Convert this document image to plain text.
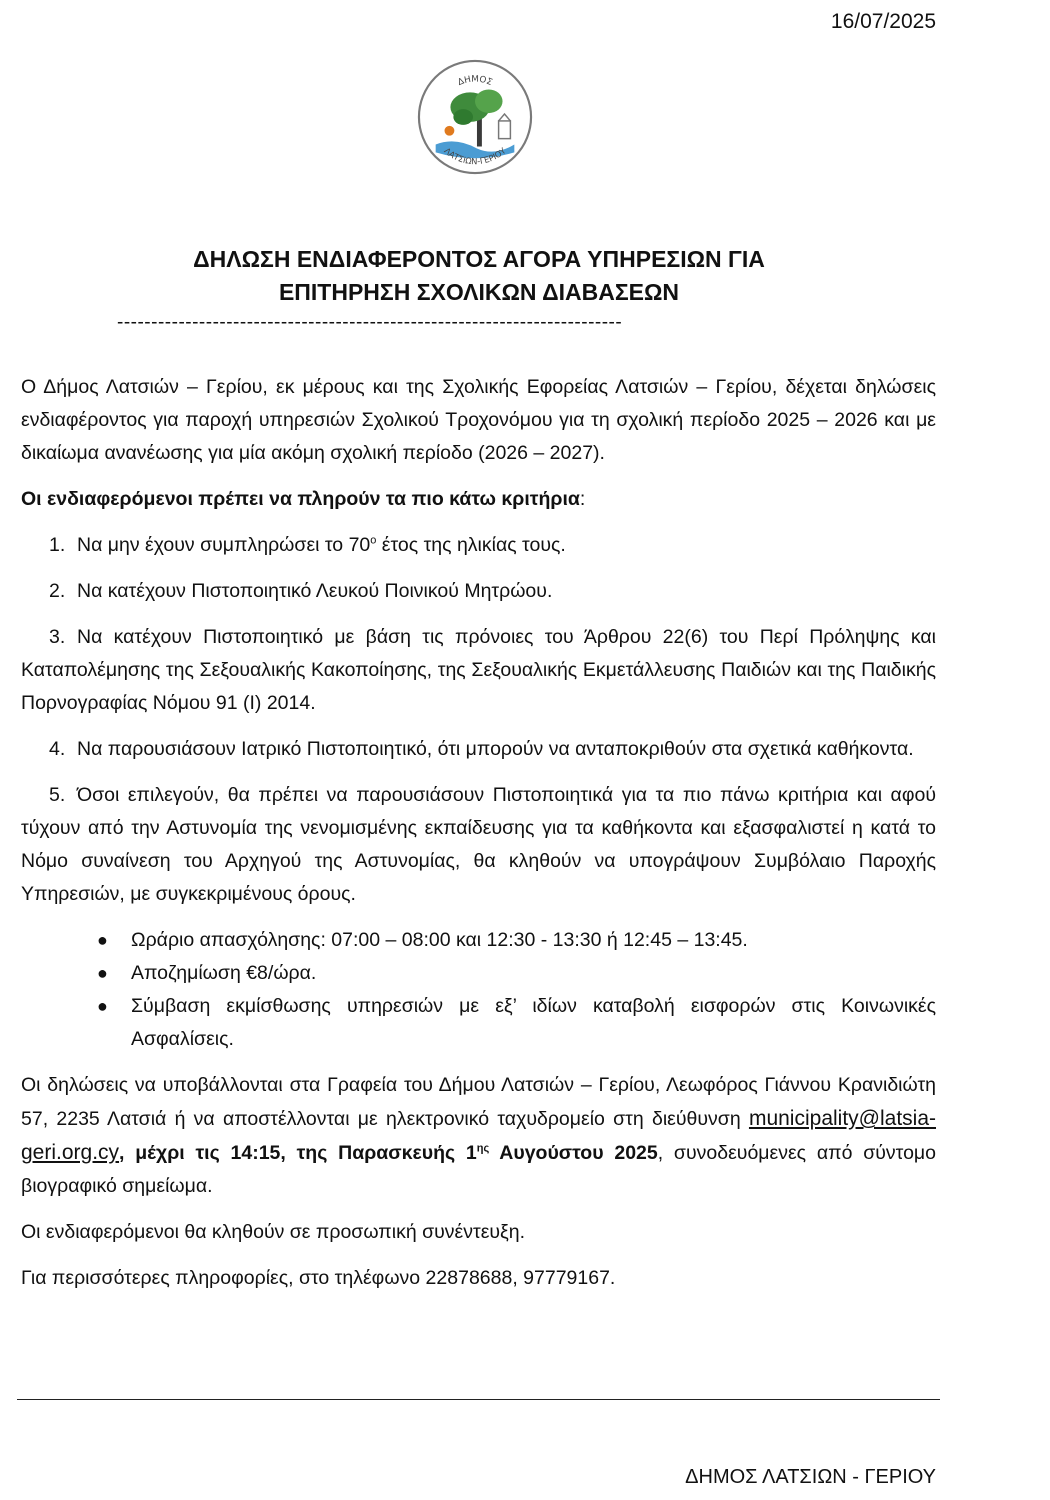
16/07/2025
ΔΗΜΟΣ
ΛΑΤΣΙΩΝ-ΓΕΡΙΟΥ
ΔΗΛΩΣΗ ΕΝΔΙΑΦΕΡΟΝΤΟΣ ΑΓΟΡΑ ΥΠΗΡΕΣΙΩΝ ΓΙΑ
ΕΠΙΤΗΡΗΣΗ ΣΧΟΛΙΚΩΝ ΔΙΑΒΑΣΕΩΝ
--------------------------------------------------------------------------

Ο Δήμος Λατσιών – Γερίου, εκ μέρους και της Σχολικής Εφορείας Λατσιών – Γερίου, δέχεται δηλώσεις ενδιαφέροντος για παροχή υπηρεσιών Σχολικού Τροχονόμου για τη σχολική περίοδο 2025 – 2026 και με δικαίωμα ανανέωσης για μία ακόμη σχολική περίοδο (2026 – 2027).

Οι ενδιαφερόμενοι πρέπει να πληρούν τα πιο κάτω κριτήρια:

1. Να μην έχουν συμπληρώσει το $70^o$ έτος της ηλικίας τους.
2. Να κατέχουν Πιστοποιητικό Λευκού Ποινικού Μητρώου.
3. Να κατέχουν Πιστοποιητικό με βάση τις πρόνοιες του Άρθρου 22(6) του Περί Πρόληψης και Καταπολέμησης της Σεξουαλικής Κακοποίησης, της Σεξουαλικής Εκμετάλλευσης Παιδιών και της Παιδικής Πορνογραφίας Νόμου 91 (Ι) 2014.
4. Να παρουσιάσουν Ιατρικό Πιστοποιητικό, ότι μπορούν να ανταποκριθούν στα σχετικά καθήκοντα.
5. Όσοι επιλεγούν, θα πρέπει να παρουσιάσουν Πιστοποιητικά για τα πιο πάνω κριτήρια και αφού τύχουν από την Αστυνομία της νενομισμένης εκπαίδευσης για τα καθήκοντα και εξασφαλιστεί η κατά το Νόμο συναίνεση του Αρχηγού της Αστυνομίας, θα κληθούν να υπογράψουν Συμβόλαιο Παροχής Υπηρεσιών, με συγκεκριμένους όρους.
● Ωράριο απασχόλησης: 07:00 – 08:00 και 12:30 - 13:30 ή 12:45 – 13:45.
● Αποζημίωση €8/ώρα.
● Σύμβαση εκμίσθωσης υπηρεσιών με εξ’ ιδίων καταβολή εισφορών στις Κοινωνικές Ασφαλίσεις.

Οι δηλώσεις να υποβάλλονται στα Γραφεία του Δήμου Λατσιών – Γερίου, Λεωφόρος Γιάννου Κρανιδιώτη 57, 2235 Λατσιά ή να αποστέλλονται με ηλεκτρονικό ταχυδρομείο στη διεύθυνση municipality@latsia-geri.org.cy, μέχρι τις 14:15, της Παρασκευής $1^{\eta\varsigma}$ Αυγούστου 2025, συνοδευόμενες από σύντομο βιογραφικό σημείωμα.

Οι ενδιαφερόμενοι θα κληθούν σε προσωπική συνέντευξη.

Για περισσότερες πληροφορίες, στο τηλέφωνο 22878688, 97779167.

ΔΗΜΟΣ ΛΑΤΣΙΩΝ - ΓΕΡΙΟΥ
